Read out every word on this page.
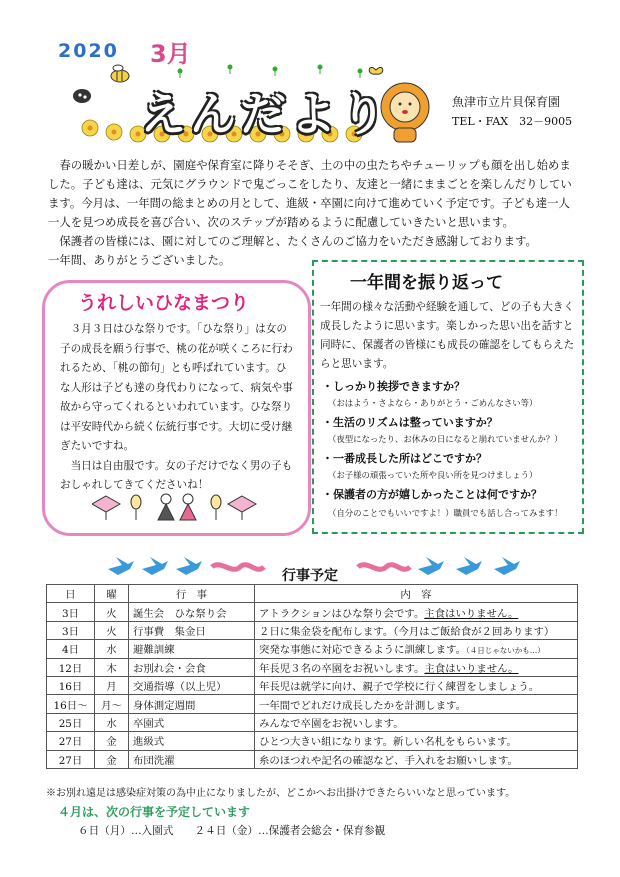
2020 3月
えんだより	魚津市立片貝保育園
TEL・FAX　32－9005

春の暖かい日差しが、園庭や保育室に降りそそぎ、土の中の虫たちやチューリップも顔を出し始めました。子ども達は、元気にグラウンドで鬼ごっこをしたり、友達と一緒にままごとを楽しんだりしています。今月は、一年間の総まとめの月として、進級・卒園に向けて進めていく予定です。子ども達一人一人を見つめ成長を喜び合い、次のステップが踏めるように配慮していきたいと思います。

保護者の皆様には、園に対してのご理解と、たくさんのご協力をいただき感謝しております。

一年間、ありがとうございました。

うれしいひなまつり

３月３日はひな祭りです。「ひな祭り」は女の子の成長を願う行事で、桃の花が咲くころに行われるため、「桃の節句」とも呼ばれています。ひな人形は子ども達の身代わりになって、病気や事故から守ってくれるといわれています。ひな祭りは平安時代から続く伝統行事です。大切に受け継ぎたいですね。

当日は自由服です。女の子だけでなく男の子もおしゃれしてきてくださいね！

一年間を振り返って
一年間の様々な活動や経験を通して、どの子も大きく成長したように思います。楽しかった思い出を話すと同時に、保護者の皆様にも成長の確認をしてもらえたらと思います。
・しっかり挨拶できますか？
（おはよう・さよなら・ありがとう・ごめんなさい等）
・生活のリズムは整っていますか？
（夜型になったり、お休みの日になると崩れていませんか？）
・一番成長した所はどこですか？
（お子様の頑張っていた所や良い所を見つけましょう）
・保護者の方が嬉しかったことは何ですか？
（自分のことでもいいですよ！）職員でも話し合ってみます！
行事予定
日	曜	行　事	内　容
3日	火	誕生会　ひな祭り会	アトラクションはひな祭り会です。主食はいりません。
3日	火	行事費　集金日	２日に集金袋を配布します。（今月はご飯給食が２回あります）
4日	水	避難訓練	突発な事態に対応できるように訓練します。（４日じゃないかも…）
12日	木	お別れ会・会食	年長児３名の卒園をお祝いします。主食はいりません。
16日	月	交通指導（以上児）	年長児は就学に向け、親子で学校に行く練習をしましょう。
16日～	月～	身体測定週間	一年間でどれだけ成長したかを計測します。
25日	水	卒園式	みんなで卒園をお祝いします。
27日	金	進級式	ひとつ大きい組になります。新しい名札をもらいます。
27日	金	布団洗濯	糸のほつれや記名の確認など、手入れをお願いします。
※お別れ遠足は感染症対策の為中止になりましたが、どこかへお出掛けできたらいいなと思っています。
４月は、次の行事を予定しています
６日（月）…入園式　　２４日（金）…保護者会総会・保育参観
